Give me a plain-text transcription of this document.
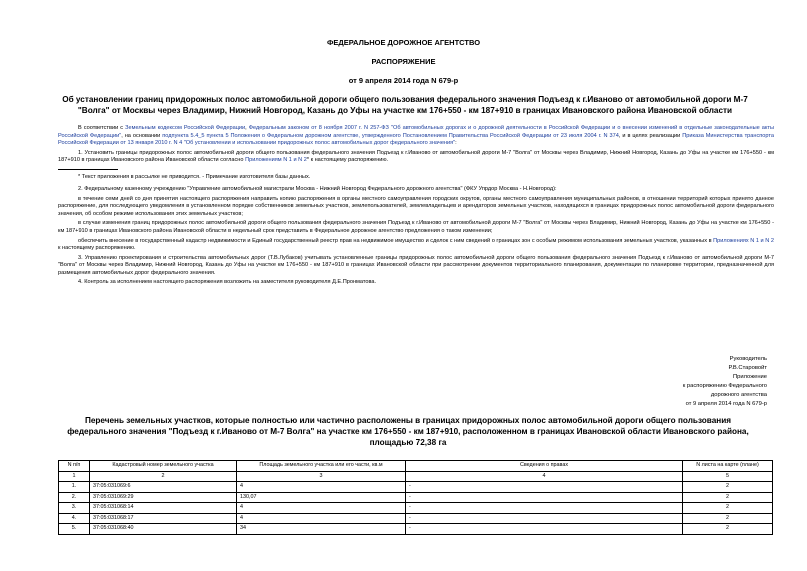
ФЕДЕРАЛЬНОЕ ДОРОЖНОЕ АГЕНТСТВО
РАСПОРЯЖЕНИЕ
от 9 апреля 2014 года N 679-р
Об установлении границ придорожных полос автомобильной дороги общего пользования федерального значения Подъезд к г.Иваново от автомобильной дороги М-7 "Волга" от Москвы через Владимир, Нижний Новгород, Казань до Уфы на участке км 176+550 - км 187+910 в границах Ивановского района Ивановской области

В соответствии с Земельным кодексом Российской Федерации, Федеральным законом от 8 ноября 2007 г. N 257-ФЗ "Об автомобильных дорогах и о дорожной деятельности в Российской Федерации и о внесении изменений в отдельные законодательные акты Российской Федерации", на основании подпункта 5.4_5 пункта 5 Положения о Федеральном дорожном агентстве, утвержденного Постановлением Правительства Российской Федерации от 23 июля 2004 г. N 374, и в целях реализации Приказа Министерства транспорта Российской Федерации от 13 января 2010 г. N 4 "Об установлении и использовании придорожных полос автомобильных дорог федерального значения":

1. Установить границы придорожных полос автомобильной дороги общего пользования федерального значения Подъезд к г.Иваново от автомобильной дороги М-7 "Волга" от Москвы через Владимир, Нижний Новгород, Казань до Уфы на участке км 176+550 - км 187+910 в границах Ивановского района Ивановской области согласно Приложениям N 1 и N 2* к настоящему распоряжению.

* Текст приложения в рассылке не приводится. - Примечание изготовителя базы данных.

2. Федеральному казенному учреждению "Управление автомобильной магистрали Москва - Нижний Новгород Федерального дорожного агентства" (ФКУ Упрдор Москва - Н.Новгород):

в течение семи дней со дня принятия настоящего распоряжения направить копию распоряжения в органы местного самоуправления городских округов, органы местного самоуправления муниципальных районов, в отношении территорий которых принято данное распоряжение, для последующего уведомления в установленном порядке собственников земельных участков, землепользователей, землевладельцев и арендаторов земельных участков, находящихся в границах придорожных полос автомобильной дороги федерального значения, об особом режиме использования этих земельных участков;

в случае изменения границ придорожных полос автомобильной дороги общего пользования федерального значения Подъезд к г.Иваново от автомобильной дороги М-7 "Волга" от Москвы через Владимир, Нижний Новгород, Казань до Уфы на участке км 176+550 - км 187+910 в границах Ивановского района Ивановской области в недельный срок представить в Федеральное дорожное агентство предложения о таком изменении;

обеспечить внесение в государственный кадастр недвижимости и Единый государственный реестр прав на недвижимое имущество и сделок с ним сведений о границах зон с особым режимом использования земельных участков, указанных в Приложениях N 1 и N 2 к настоящему распоряжению.

3. Управлению проектирования и строительства автомобильных дорог (Т.В.Лубаков) учитывать установленные границы придорожных полос автомобильной дороги общего пользования федерального значения Подъезд к г.Иваново от автомобильной дороги М-7 "Волга" от Москвы через Владимир, Нижний Новгород, Казань до Уфы на участке км 176+550 - км 187+910 в границах Ивановской области при рассмотрении документов территориального планирования, документации по планировке территории, предназначенной для размещения автомобильных дорог федерального значения.

4. Контроль за исполнением настоящего распоряжения возложить на заместителя руководителя Д.Е.Пронматова.

Руководитель
Р.В.Старовойт
Приложение
к распоряжению Федерального
дорожного агентства
от 9 апреля 2014 года N 679-р
Перечень земельных участков, которые полностью или частично расположены в границах придорожных полос автомобильной дороги общего пользования федерального значения "Подъезд к г.Иваново от М-7 Волга" на участке км 176+550 - км 187+910, расположенном в границах Ивановской области Ивановского района, площадью 72,38 га
N п/п	Кадастровый номер земельного участка	Площадь земельного участка или его части, кв.м	Сведения о правах	N листа на карте (плане)
1	2	3	4	5
1.	37:05:031069:6	4	-	2
2.	37:05:031069:29	130,07	-	2
3.	37:05:031068:14	4	-	2
4.	37:05:031068:17	4	-	2
5.	37:05:031068:40	34	-	2
